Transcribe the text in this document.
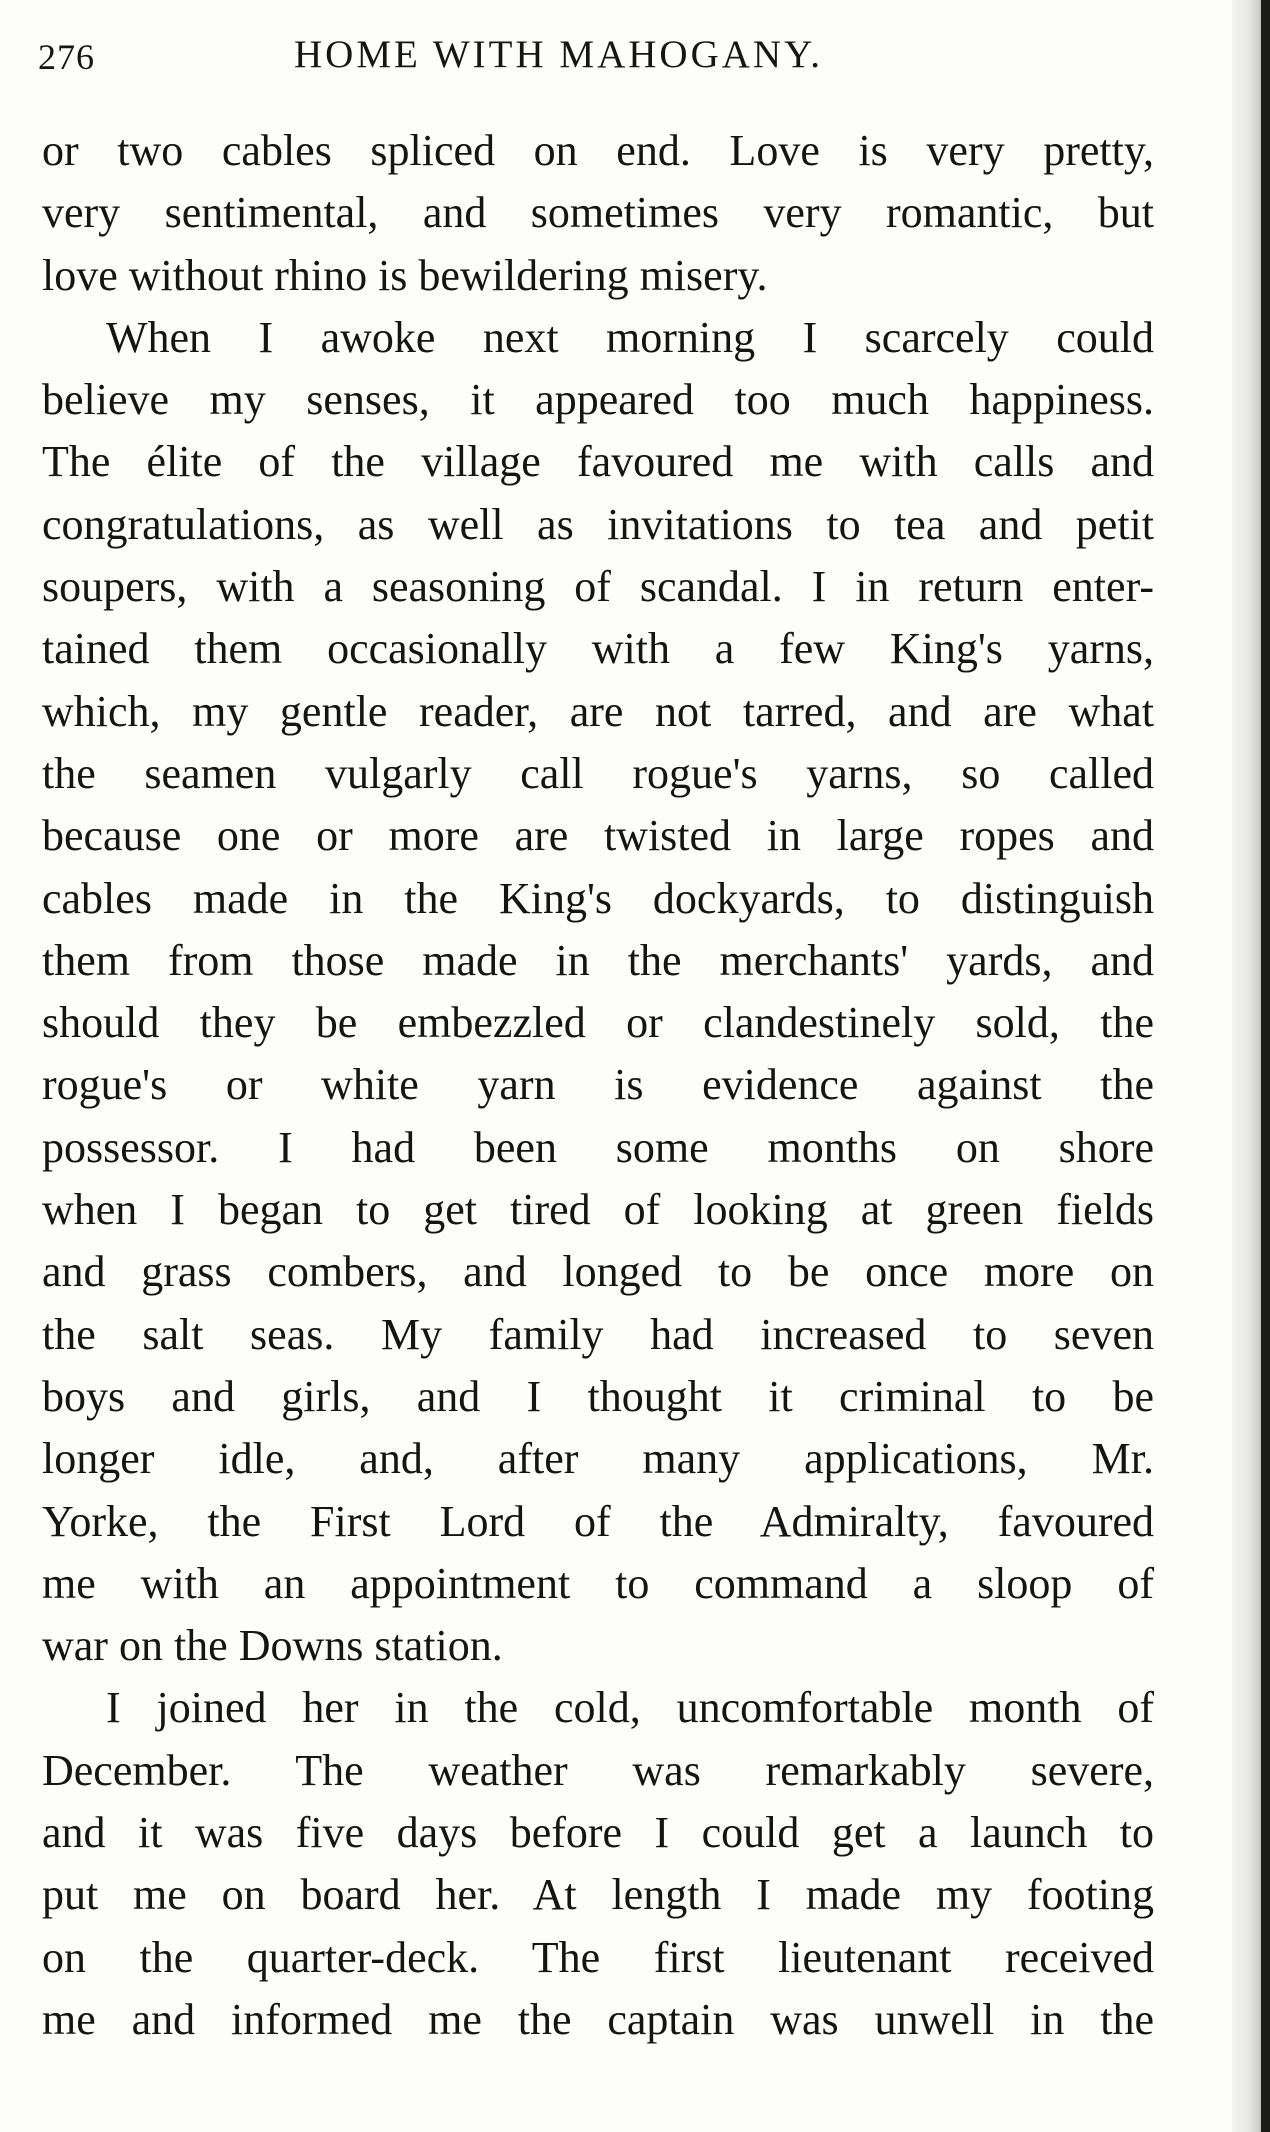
276	HOME WITH MAHOGANY.
or two cables spliced on end. Love is very pretty,
very sentimental, and sometimes very romantic, but
love without rhino is bewildering misery.
When I awoke next morning I scarcely could
believe my senses, it appeared too much happiness.
The élite of the village favoured me with calls and
congratulations, as well as invitations to tea and petit
soupers, with a seasoning of scandal. I in return enter-
tained them occasionally with a few King's yarns,
which, my gentle reader, are not tarred, and are what
the seamen vulgarly call rogue's yarns, so called
because one or more are twisted in large ropes and
cables made in the King's dockyards, to distinguish
them from those made in the merchants' yards, and
should they be embezzled or clandestinely sold, the
rogue's or white yarn is evidence against the
possessor. I had been some months on shore
when I began to get tired of looking at green fields
and grass combers, and longed to be once more on
the salt seas. My family had increased to seven
boys and girls, and I thought it criminal to be
longer idle, and, after many applications, Mr.
Yorke, the First Lord of the Admiralty, favoured
me with an appointment to command a sloop of
war on the Downs station.
I joined her in the cold, uncomfortable month of
December. The weather was remarkably severe,
and it was five days before I could get a launch to
put me on board her. At length I made my footing
on the quarter-deck. The first lieutenant received
me and informed me the captain was unwell in the
